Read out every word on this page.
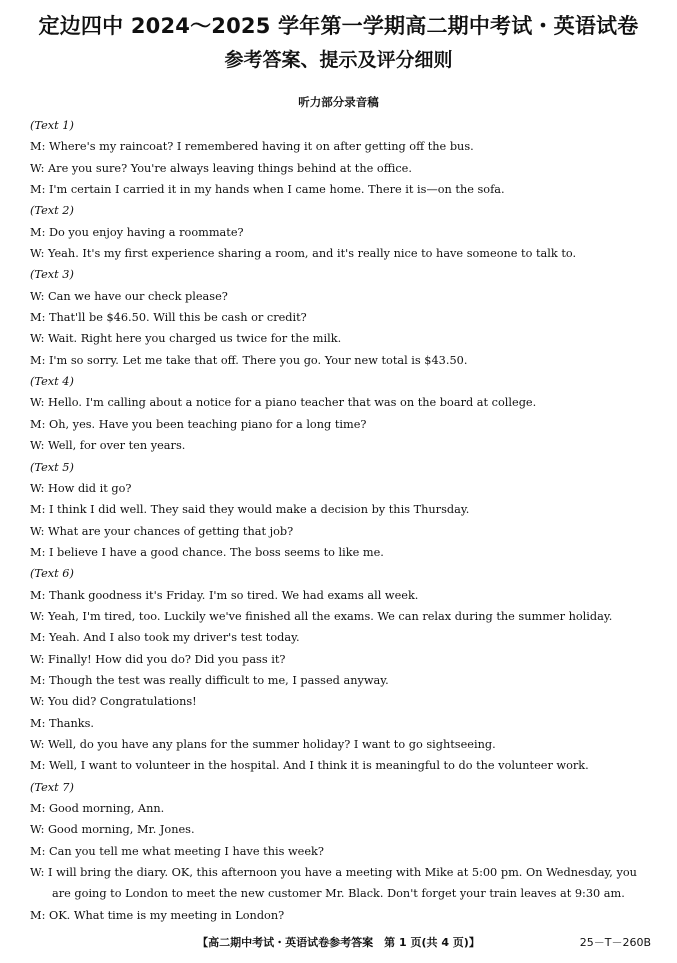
定边四中 2024～2025 学年第一学期高二期中考试・英语试卷
参考答案、提示及评分细则
听力部分录音稿
(Text 1)
M: Where's my raincoat? I remembered having it on after getting off the bus.
W: Are you sure? You're always leaving things behind at the office.
M: I'm certain I carried it in my hands when I came home. There it is—on the sofa.
(Text 2)
M: Do you enjoy having a roommate?
W: Yeah. It's my first experience sharing a room, and it's really nice to have someone to talk to.
(Text 3)
W: Can we have our check please?
M: That'll be $46.50. Will this be cash or credit?
W: Wait. Right here you charged us twice for the milk.
M: I'm so sorry. Let me take that off. There you go. Your new total is $43.50.
(Text 4)
W: Hello. I'm calling about a notice for a piano teacher that was on the board at college.
M: Oh, yes. Have you been teaching piano for a long time?
W: Well, for over ten years.
(Text 5)
W: How did it go?
M: I think I did well. They said they would make a decision by this Thursday.
W: What are your chances of getting that job?
M: I believe I have a good chance. The boss seems to like me.
(Text 6)
M: Thank goodness it's Friday. I'm so tired. We had exams all week.
W: Yeah, I'm tired, too. Luckily we've finished all the exams. We can relax during the summer holiday.
M: Yeah. And I also took my driver's test today.
W: Finally! How did you do? Did you pass it?
M: Though the test was really difficult to me, I passed anyway.
W: You did? Congratulations!
M: Thanks.
W: Well, do you have any plans for the summer holiday? I want to go sightseeing.
M: Well, I want to volunteer in the hospital. And I think it is meaningful to do the volunteer work.
(Text 7)
M: Good morning, Ann.
W: Good morning, Mr. Jones.
M: Can you tell me what meeting I have this week?
W: I will bring the diary. OK, this afternoon you have a meeting with Mike at 5:00 pm. On Wednesday, you
are going to London to meet the new customer Mr. Black. Don't forget your train leaves at 9:30 am.
M: OK. What time is my meeting in London?
【高二期中考试・英语试卷参考答案　第 1 页(共 4 页)】	25－T－260B
